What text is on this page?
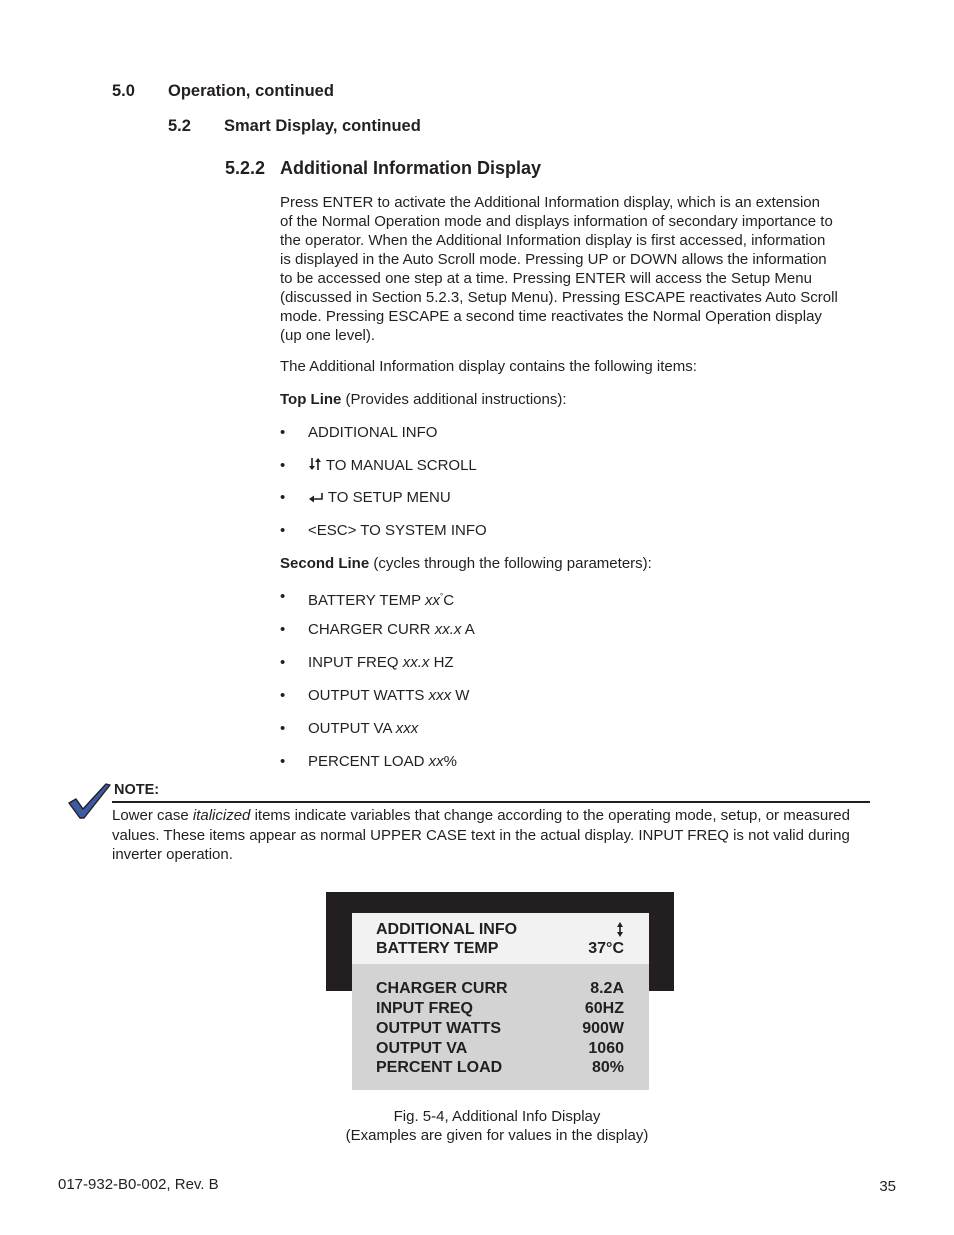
5.0 Operation, continued
5.2 Smart Display, continued
5.2.2 Additional Information Display
Press ENTER to activate the Additional Information display, which is an extension
of the Normal Operation mode and displays information of secondary importance to
the operator. When the Additional Information display is first accessed, information
is displayed in the Auto Scroll mode. Pressing UP or DOWN allows the information
to be accessed one step at a time. Pressing ENTER will access the Setup Menu
(discussed in Section 5.2.3, Setup Menu). Pressing ESCAPE reactivates Auto Scroll
mode. Pressing ESCAPE a second time reactivates the Normal Operation display
(up one level).

The Additional Information display contains the following items:

Top Line (Provides additional instructions):
• ADDITIONAL INFO
•	TO MANUAL SCROLL
•	TO SETUP MENU
• <ESC> TO SYSTEM INFO
Second Line (cycles through the following parameters):
• BATTERY TEMP xx°C
• CHARGER CURR xx.x A
• INPUT FREQ xx.x HZ
• OUTPUT WATTS xxx W
• OUTPUT VA xxx
• PERCENT LOAD xx%
NOTE:

Lower case italicized items indicate variables that change according to the operating mode, setup, or measured values. These items appear as normal UPPER CASE text in the actual display. INPUT FREQ is not valid during inverter operation.

ADDITIONAL INFO
BATTERY TEMP	37°C
CHARGER CURR	8.2A
INPUT FREQ	60HZ
OUTPUT WATTS	900W
OUTPUT VA	1060
PERCENT LOAD	80%
Fig. 5-4, Additional Info Display
(Examples are given for values in the display)
017-932-B0-002, Rev. B	35
